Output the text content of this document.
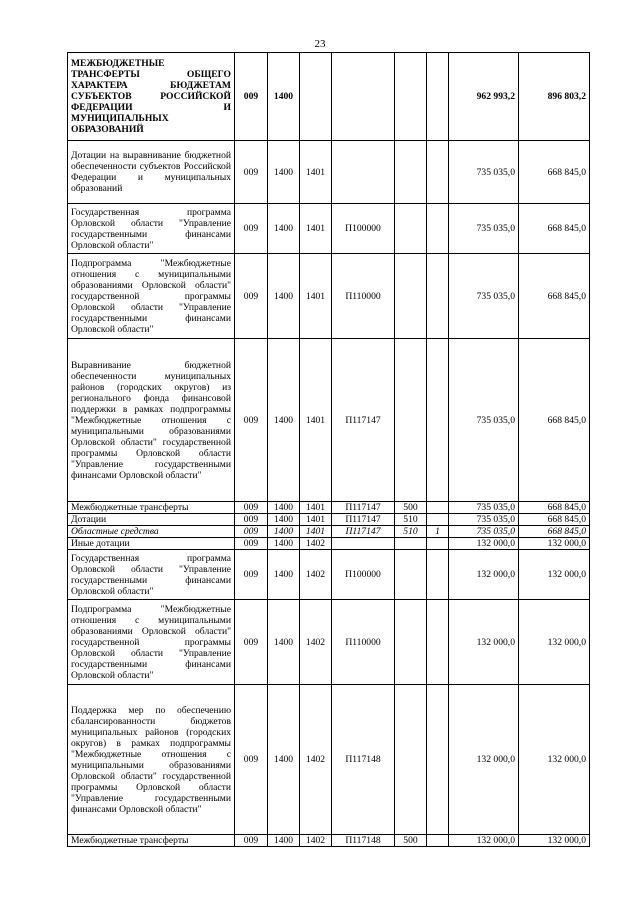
23
МЕЖБЮДЖЕТНЫЕ ТРАНСФЕРТЫ ОБЩЕГО ХАРАКТЕРА БЮДЖЕТАМ СУБЪЕКТОВ РОССИЙСКОЙ ФЕДЕРАЦИИ И МУНИЦИПАЛЬНЫХ ОБРАЗОВАНИЙ	009	1400					962 993,2	896 803,2
Дотации на выравнивание бюджетной обеспеченности субъектов Российской Федерации и муниципальных образований	009	1400	1401				735 035,0	668 845,0
Государственная программа Орловской области "Управление государственными финансами Орловской области"	009	1400	1401	П100000			735 035,0	668 845,0
Подпрограмма "Межбюджетные отношения с муниципальными образованиями Орловской области" государственной программы Орловской области "Управление государственными финансами Орловской области"	009	1400	1401	П110000			735 035,0	668 845,0
Выравнивание бюджетной обеспеченности муниципальных районов (городских округов) из регионального фонда финансовой поддержки в рамках подпрограммы "Межбюджетные отношения с муниципальными образованиями Орловской области" государственной программы Орловской области "Управление государственными финансами Орловской области"	009	1400	1401	П117147			735 035,0	668 845,0
Межбюджетные трансферты	009	1400	1401	П117147	500		735 035,0	668 845,0
Дотации	009	1400	1401	П117147	510		735 035,0	668 845,0
Областные средства	009	1400	1401	П117147	510	1	735 035,0	668 845,0
Иные дотации	009	1400	1402				132 000,0	132 000,0
Государственная программа Орловской области "Управление государственными финансами Орловской области"	009	1400	1402	П100000			132 000,0	132 000,0
Подпрограмма "Межбюджетные отношения с муниципальными образованиями Орловской области" государственной программы Орловской области "Управление государственными финансами Орловской области"	009	1400	1402	П110000			132 000,0	132 000,0
Поддержка мер по обеспечению сбалансированности бюджетов муниципальных районов (городских округов) в рамках подпрограммы "Межбюджетные отношения с муниципальными образованиями Орловской области" государственной программы Орловской области "Управление государственными финансами Орловской области"	009	1400	1402	П117148			132 000,0	132 000,0
Межбюджетные трансферты	009	1400	1402	П117148	500		132 000,0	132 000,0
